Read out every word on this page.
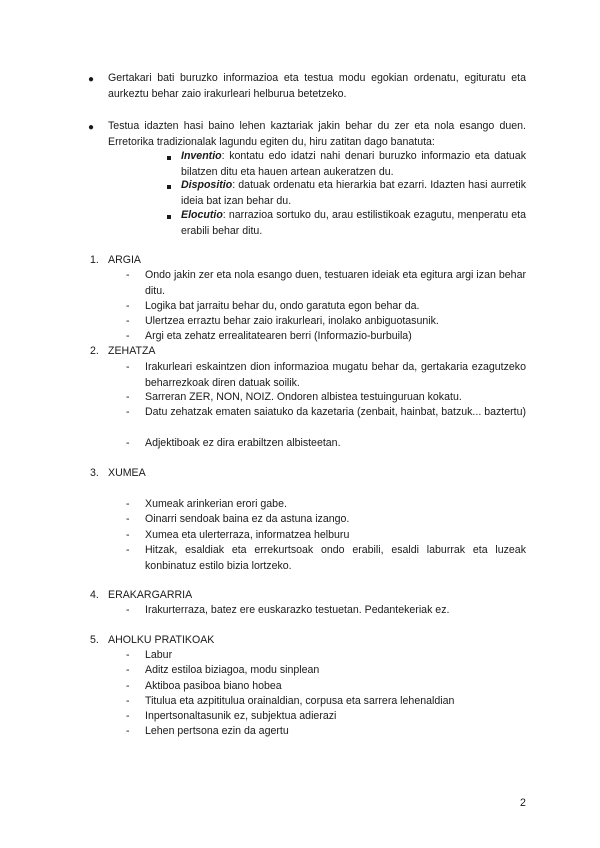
● Gertakari bati buruzko informazioa eta testua modu egokian ordenatu, egituratu eta aurkeztu behar zaio irakurleari helburua betetzeko.
● Testua idazten hasi baino lehen kaztariak jakin behar du zer eta nola esango duen. Erretorika tradizionalak lagundu egiten du, hiru zatitan dago banatuta:
Inventio: kontatu edo idatzi nahi denari buruzko informazio eta datuak bilatzen ditu eta hauen artean aukeratzen du.
Dispositio: datuak ordenatu eta hierarkia bat ezarri. Idazten hasi aurretik ideia bat izan behar du.
Elocutio: narrazioa sortuko du, arau estilistikoak ezagutu, menperatu eta erabili behar ditu.
1. ARGIA
- Ondo jakin zer eta nola esango duen, testuaren ideiak eta egitura argi izan behar ditu.
- Logika bat jarraitu behar du, ondo garatuta egon behar da.
- Ulertzea erraztu behar zaio irakurleari, inolako anbiguotasunik.
- Argi eta zehatz errealitatearen berri (Informazio-burbuila)
2. ZEHATZA
- Irakurleari eskaintzen dion informazioa mugatu behar da, gertakaria ezagutzeko beharrezkoak diren datuak soilik.
- Sarreran ZER, NON, NOIZ. Ondoren albistea testuinguruan kokatu.
- Datu zehatzak ematen saiatuko da kazetaria (zenbait, hainbat, batzuk... baztertu)
- Adjektiboak ez dira erabiltzen albisteetan.
3. XUMEA
- Xumeak arinkerian erori gabe.
- Oinarri sendoak baina ez da astuna izango.
- Xumea eta ulerterraza, informatzea helburu
- Hitzak, esaldiak eta errekurtsoak ondo erabili, esaldi laburrak eta luzeak konbinatuz estilo bizia lortzeko.
4. ERAKARGARRIA
- Irakurterraza, batez ere euskarazko testuetan. Pedantekeriak ez.
5. AHOLKU PRATIKOAK
- Labur
- Aditz estiloa biziagoa, modu sinplean
- Aktiboa pasiboa biano hobea
- Titulua eta azpititulua orainaldian, corpusa eta sarrera lehenaldian
- Inpertsonaltasunik ez, subjektua adierazi
- Lehen pertsona ezin da agertu
2
